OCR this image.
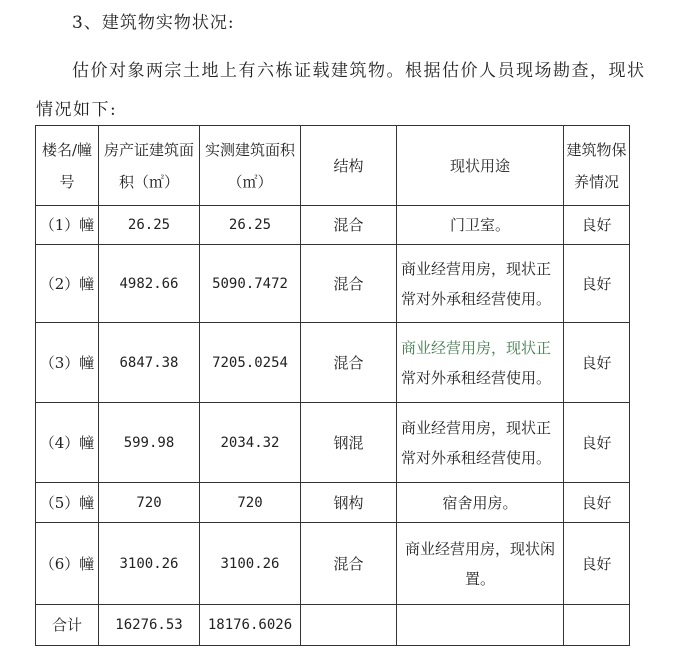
3、建筑物实物状况:
估价对象两宗土地上有六栋证载建筑物。根据估价人员现场勘查，现状
情况如下:
楼名/幢号	房产证建筑面积（㎡）	实测建筑面积（㎡）	结构	现状用途	建筑物保养情况
（1）幢	26.25	26.25	混合	门卫室。	良好
（2）幢	4982.66	5090.7472	混合	商业经营用房，现状正常对外承租经营使用。	良好
（3）幢	6847.38	7205.0254	混合	商业经营用房，现状正常对外承租经营使用。	良好
（4）幢	599.98	2034.32	钢混	商业经营用房，现状正常对外承租经营使用。	良好
（5）幢	720	720	钢构	宿舍用房。	良好
（6）幢	3100.26	3100.26	混合	商业经营用房，现状闲置。	良好
合计	16276.53	18176.6026			
